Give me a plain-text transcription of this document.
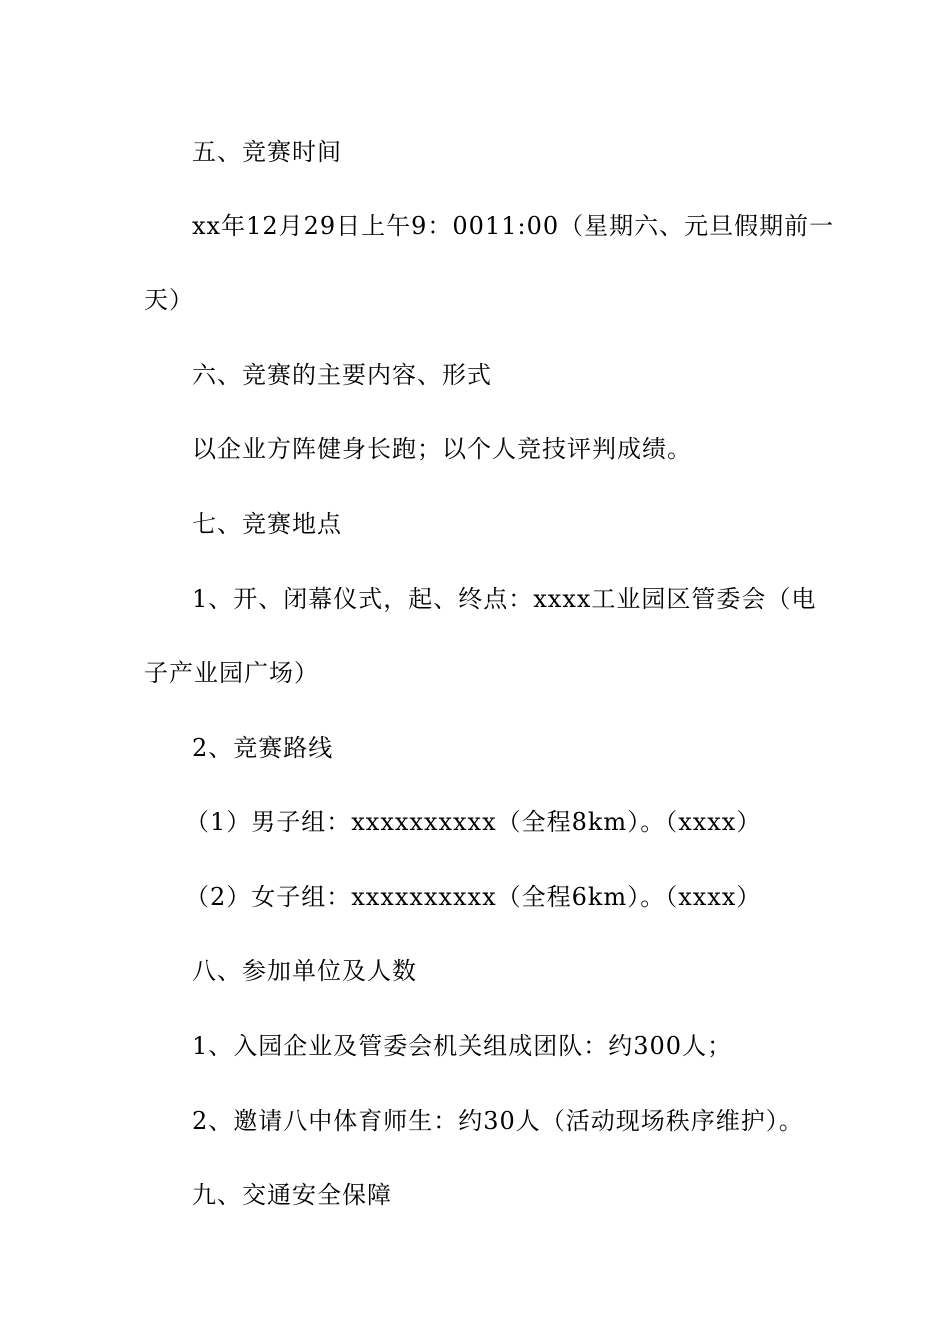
五、竞赛时间
xx年12月29日上午9：0011:00（星期六、元旦假期前一
天）
六、竞赛的主要内容、形式
以企业方阵健身长跑；以个人竞技评判成绩。
七、竞赛地点
1、开、闭幕仪式，起、终点：xxxx工业园区管委会（电
子产业园广场）
2、竞赛路线
（1）男子组：xxxxxxxxxx（全程8km）。（xxxx）
（2）女子组：xxxxxxxxxx（全程6km）。（xxxx）
八、参加单位及人数
1、入园企业及管委会机关组成团队：约300人；
2、邀请八中体育师生：约30人（活动现场秩序维护）。
九、交通安全保障
